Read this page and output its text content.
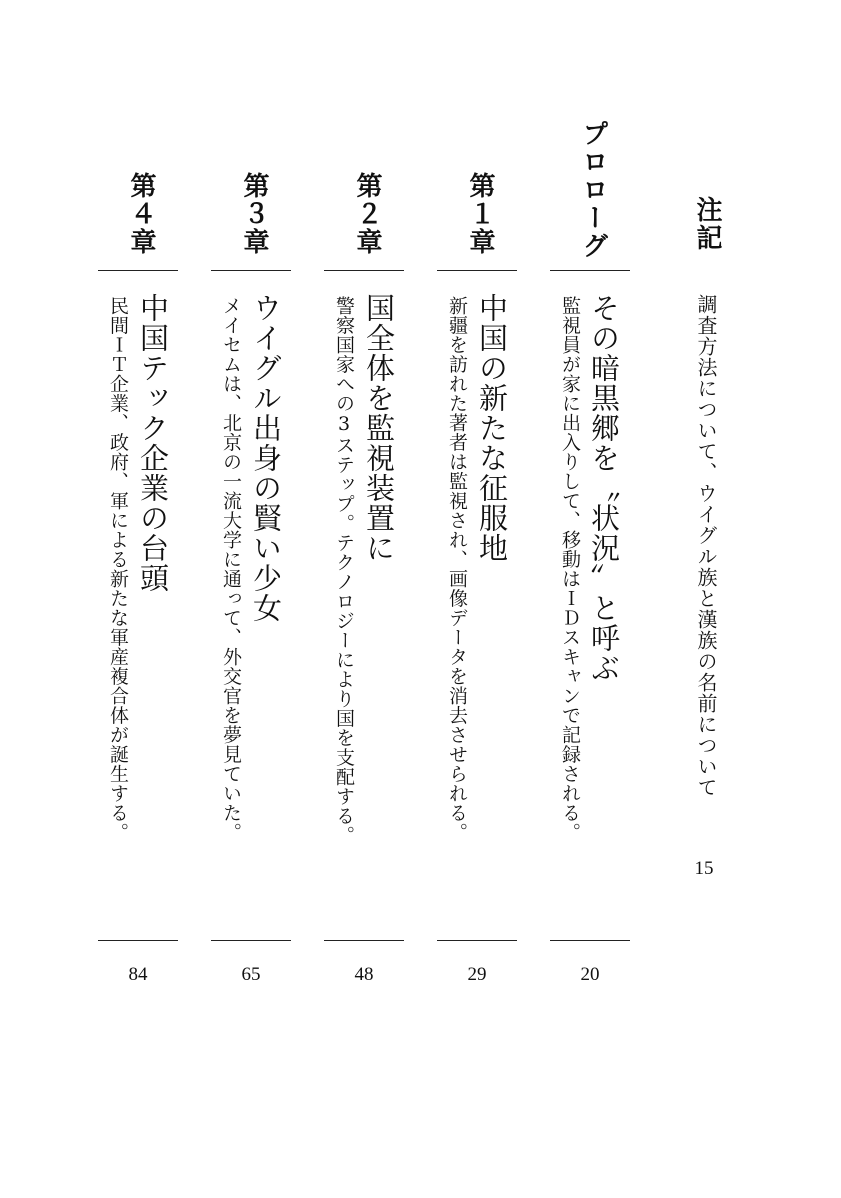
注記
調査方法について、ウイグル族と漢族の名前について
15
プロローグ
その暗黒郷を〝状況〟と呼ぶ
監視員が家に出入りして、移動はＩＤスキャンで記録される。
20
第１章
中国の新たな征服地
新疆を訪れた著者は監視され、画像データを消去させられる。
29
第２章
国全体を監視装置に
警察国家への3ステップ。テクノロジーにより国を支配する。
48
第３章
ウイグル出身の賢い少女
メイセムは、北京の一流大学に通って、外交官を夢見ていた。
65
第４章
中国テック企業の台頭
民間ＩＴ企業、政府、軍による新たな軍産複合体が誕生する。
84
